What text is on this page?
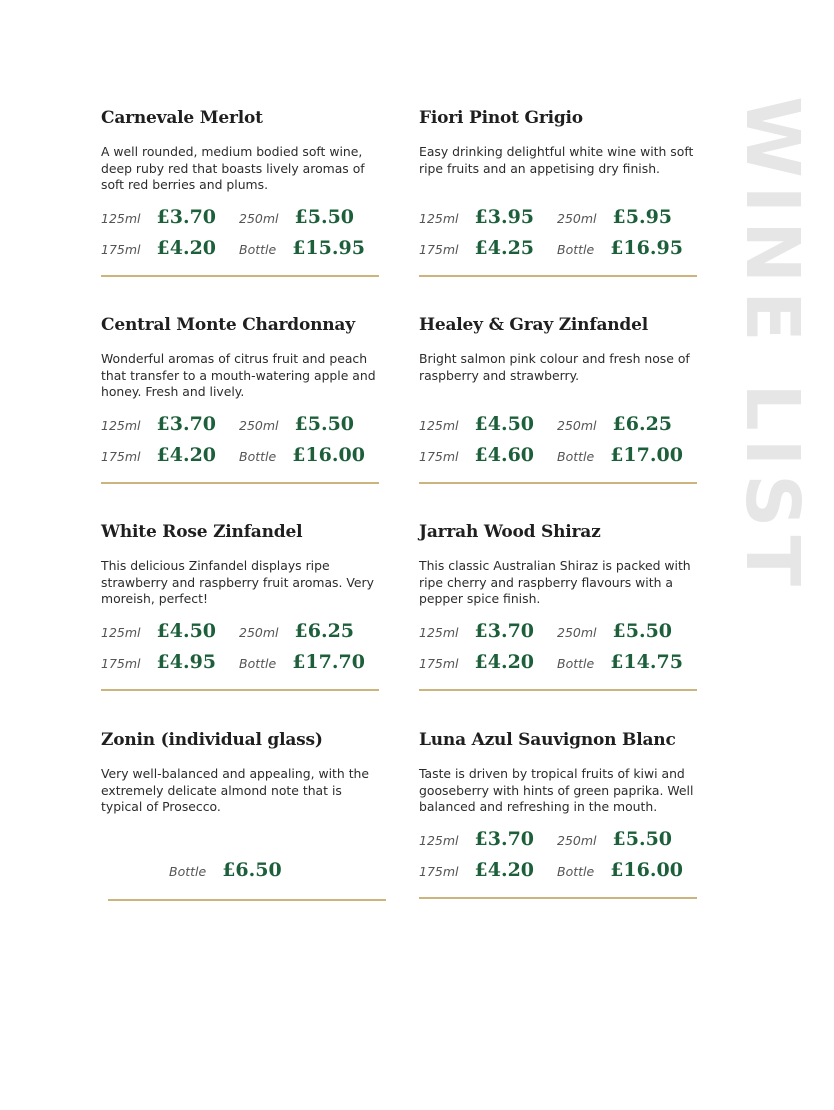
WINE LIST
Carnevale Merlot

A well rounded, medium bodied soft wine, deep ruby red that boasts lively aromas of soft red berries and plums.

125ml £3.70 250ml £5.50
175ml £4.20 Bottle £15.95
Fiori Pinot Grigio

Easy drinking delightful white wine with soft ripe fruits and an appetising dry finish.

125ml £3.95 250ml £5.95
175ml £4.25 Bottle £16.95
Central Monte Chardonnay

Wonderful aromas of citrus fruit and peach that transfer to a mouth-watering apple and honey. Fresh and lively.

125ml £3.70 250ml £5.50
175ml £4.20 Bottle £16.00
Healey & Gray Zinfandel

Bright salmon pink colour and fresh nose of raspberry and strawberry.

125ml £4.50 250ml £6.25
175ml £4.60 Bottle £17.00
White Rose Zinfandel

This delicious Zinfandel displays ripe strawberry and raspberry fruit aromas. Very moreish, perfect!

125ml £4.50 250ml £6.25
175ml £4.95 Bottle £17.70
Jarrah Wood Shiraz

This classic Australian Shiraz is packed with ripe cherry and raspberry flavours with a pepper spice finish.

125ml £3.70 250ml £5.50
175ml £4.20 Bottle £14.75
Zonin (individual glass)

Very well-balanced and appealing, with the extremely delicate almond note that is typical of Prosecco.

Bottle £6.50
Luna Azul Sauvignon Blanc

Taste is driven by tropical fruits of kiwi and gooseberry with hints of green paprika. Well balanced and refreshing in the mouth.

125ml £3.70 250ml £5.50
175ml £4.20 Bottle £16.00
